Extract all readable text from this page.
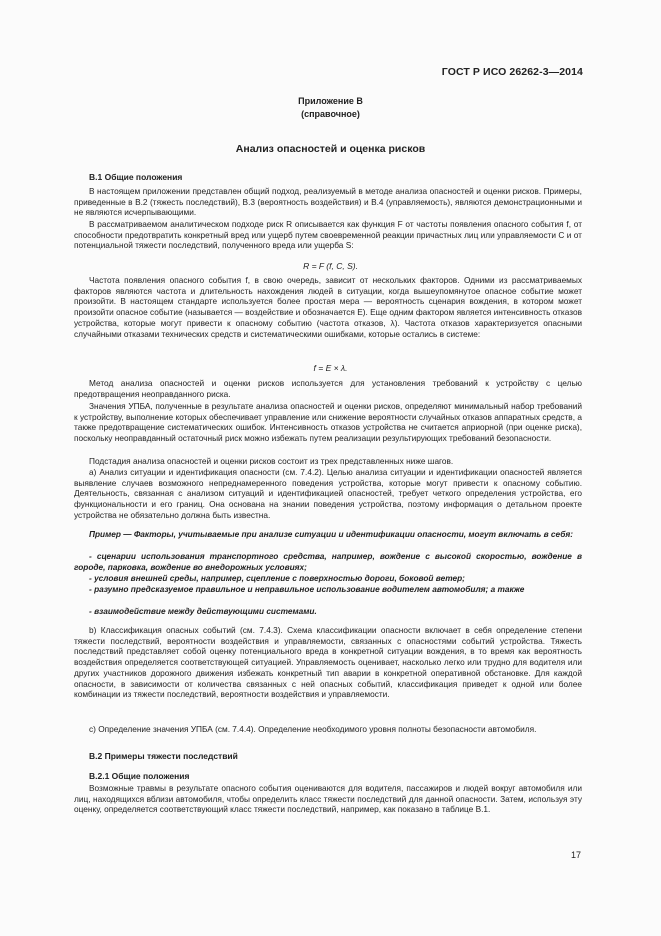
ГОСТ Р ИСО 26262-3—2014
Приложение В
(справочное)
Анализ опасностей и оценка рисков
В.1 Общие положения
В настоящем приложении представлен общий подход, реализуемый в методе анализа опасностей и оценки рисков. Примеры, приведенные в В.2 (тяжесть последствий), В.3 (вероятность воздействия) и В.4 (управляемость), являются демонстрационными и не являются исчерпывающими.
В рассматриваемом аналитическом подходе риск R описывается как функция F от частоты появления опасного события f, от способности предотвратить конкретный вред или ущерб путем своевременной реакции причастных лиц или управляемости C и от потенциальной тяжести последствий, полученного вреда или ущерба S:
R = F (f, C, S).
Частота появления опасного события f, в свою очередь, зависит от нескольких факторов. Одними из рассматриваемых факторов являются частота и длительность нахождения людей в ситуации, когда вышеупомянутое опасное событие может произойти. В настоящем стандарте используется более простая мера — вероятность сценария вождения, в котором может произойти опасное событие (называется — воздействие и обозначается E). Еще одним фактором является интенсивность отказов устройства, которые могут привести к опасному событию (частота отказов, λ). Частота отказов характеризуется опасными случайными отказами технических средств и систематическими ошибками, которые остались в системе:
f = E × λ.
Метод анализа опасностей и оценки рисков используется для установления требований к устройству с целью предотвращения неоправданного риска.
Значения УПБА, полученные в результате анализа опасностей и оценки рисков, определяют минимальный набор требований к устройству, выполнение которых обеспечивает управление или снижение вероятности случайных отказов аппаратных средств, а также предотвращение систематических ошибок. Интенсивность отказов устройства не считается априорной (при оценке риска), поскольку неоправданный остаточный риск можно избежать путем реализации результирующих требований безопасности.
Подстадия анализа опасностей и оценки рисков состоит из трех представленных ниже шагов.
a) Анализ ситуации и идентификация опасности (см. 7.4.2). Целью анализа ситуации и идентификации опасностей является выявление случаев возможного непреднамеренного поведения устройства, которые могут привести к опасному событию. Деятельность, связанная с анализом ситуаций и идентификацией опасностей, требует четкого определения устройства, его функциональности и его границ. Она основана на знании поведения устройства, поэтому информация о детальном проекте устройства не обязательно должна быть известна.
Пример — Факторы, учитываемые при анализе ситуации и идентификации опасности, могут включать в себя:
- сценарии использования транспортного средства, например, вождение с высокой скоростью, вождение в городе, парковка, вождение во внедорожных условиях;
- условия внешней среды, например, сцепление с поверхностью дороги, боковой ветер;
- разумно предсказуемое правильное и неправильное использование водителем автомобиля; а также
- взаимодействие между действующими системами.
b) Классификация опасных событий (см. 7.4.3). Схема классификации опасности включает в себя определение степени тяжести последствий, вероятности воздействия и управляемости, связанных с опасностями событий устройства. Тяжесть последствий представляет собой оценку потенциального вреда в конкретной ситуации вождения, в то время как вероятность воздействия определяется соответствующей ситуацией. Управляемость оценивает, насколько легко или трудно для водителя или других участников дорожного движения избежать конкретный тип аварии в конкретной оперативной обстановке. Для каждой опасности, в зависимости от количества связанных с ней опасных событий, классификация приведет к одной или более комбинации из тяжести последствий, вероятности воздействия и управляемости.
c) Определение значения УПБА (см. 7.4.4). Определение необходимого уровня полноты безопасности автомобиля.
В.2 Примеры тяжести последствий
В.2.1 Общие положения
Возможные травмы в результате опасного события оцениваются для водителя, пассажиров и людей вокруг автомобиля или лиц, находящихся вблизи автомобиля, чтобы определить класс тяжести последствий для данной опасности. Затем, используя эту оценку, определяется соответствующий класс тяжести последствий, например, как показано в таблице В.1.
17
